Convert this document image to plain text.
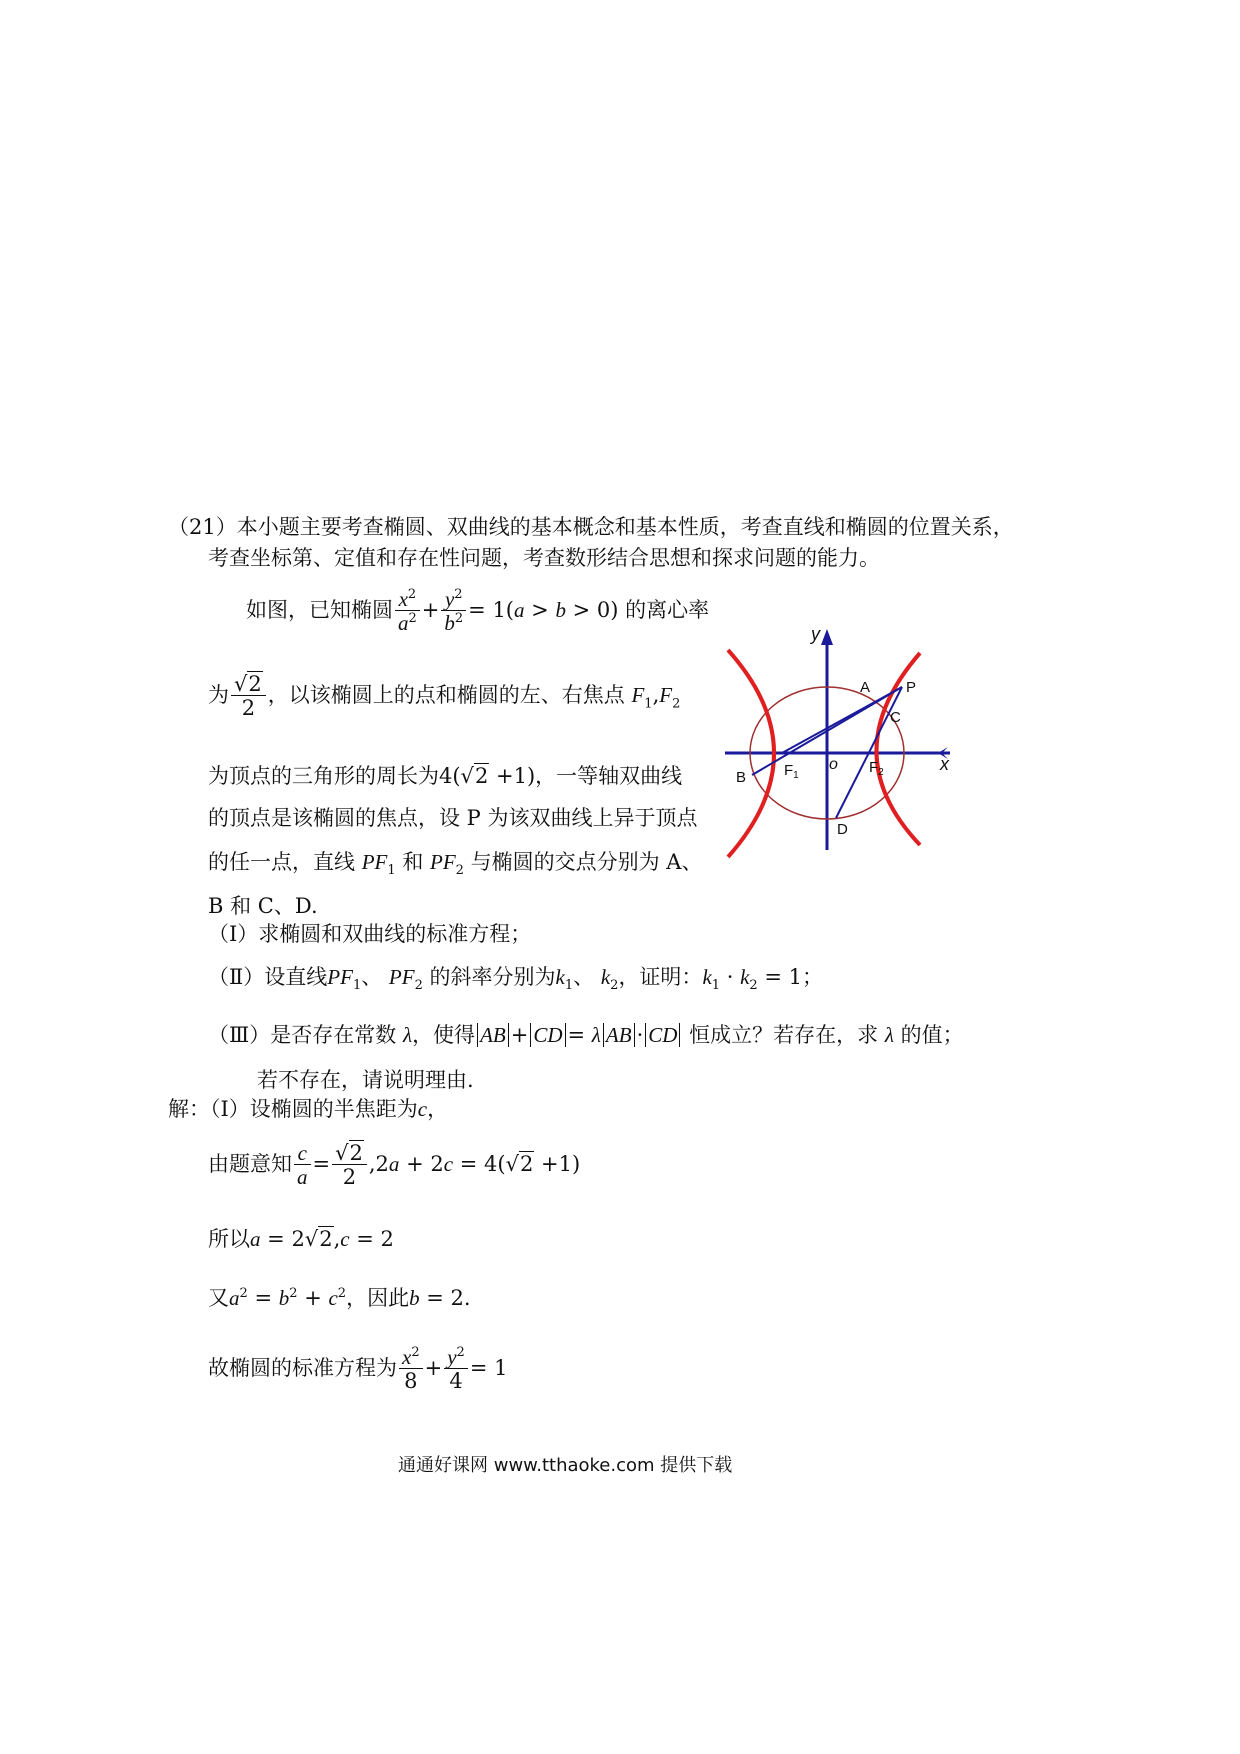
（21）本小题主要考查椭圆、双曲线的基本概念和基本性质，考查直线和椭圆的位置关系，
考查坐标第、定值和存在性问题，考查数形结合思想和探求问题的能力。
如图，已知椭圆 $\frac{x^2}{a^2} + \frac{y^2}{b^2} = 1(a > b > 0)$ 的离心率
为 $\frac{√2}{2}$ ，以该椭圆上的点和椭圆的左、右焦点 $F_1,F_2$
为顶点的三角形的周长为4(√2 +1)，一等轴双曲线
的顶点是该椭圆的焦点，设 P 为该双曲线上异于顶点
的任一点，直线 $PF_1$ 和 $PF_2$ 与椭圆的交点分别为 A、
B 和 C、D.
（Ⅰ）求椭圆和双曲线的标准方程；
（Ⅱ）设直线$PF_1$、 $PF_2$ 的斜率分别为$k_1$、 $k_2$，证明：$k_1 \cdot k_2 = 1$；
（Ⅲ）是否存在常数 λ，使得 AB + CD = λ AB · CD 恒成立？若存在，求 λ 的值；
若不存在，请说明理由.
解：（Ⅰ）设椭圆的半焦距为c，
由题意知 $\frac{c}{a} = \frac{√2}{2} ,2a + 2c = 4(√2 +1)$
所以a = 2√2,c = 2
又$a^2 = b^2 + c^2$，因此b = 2.
故椭圆的标准方程为 $\frac{x^2}{8} + \frac{y^2}{4} = 1$
y
x
o
A P
C
B
D
$F_1$	$F_2$
通通好课网 www.tthaoke.com 提供下载
